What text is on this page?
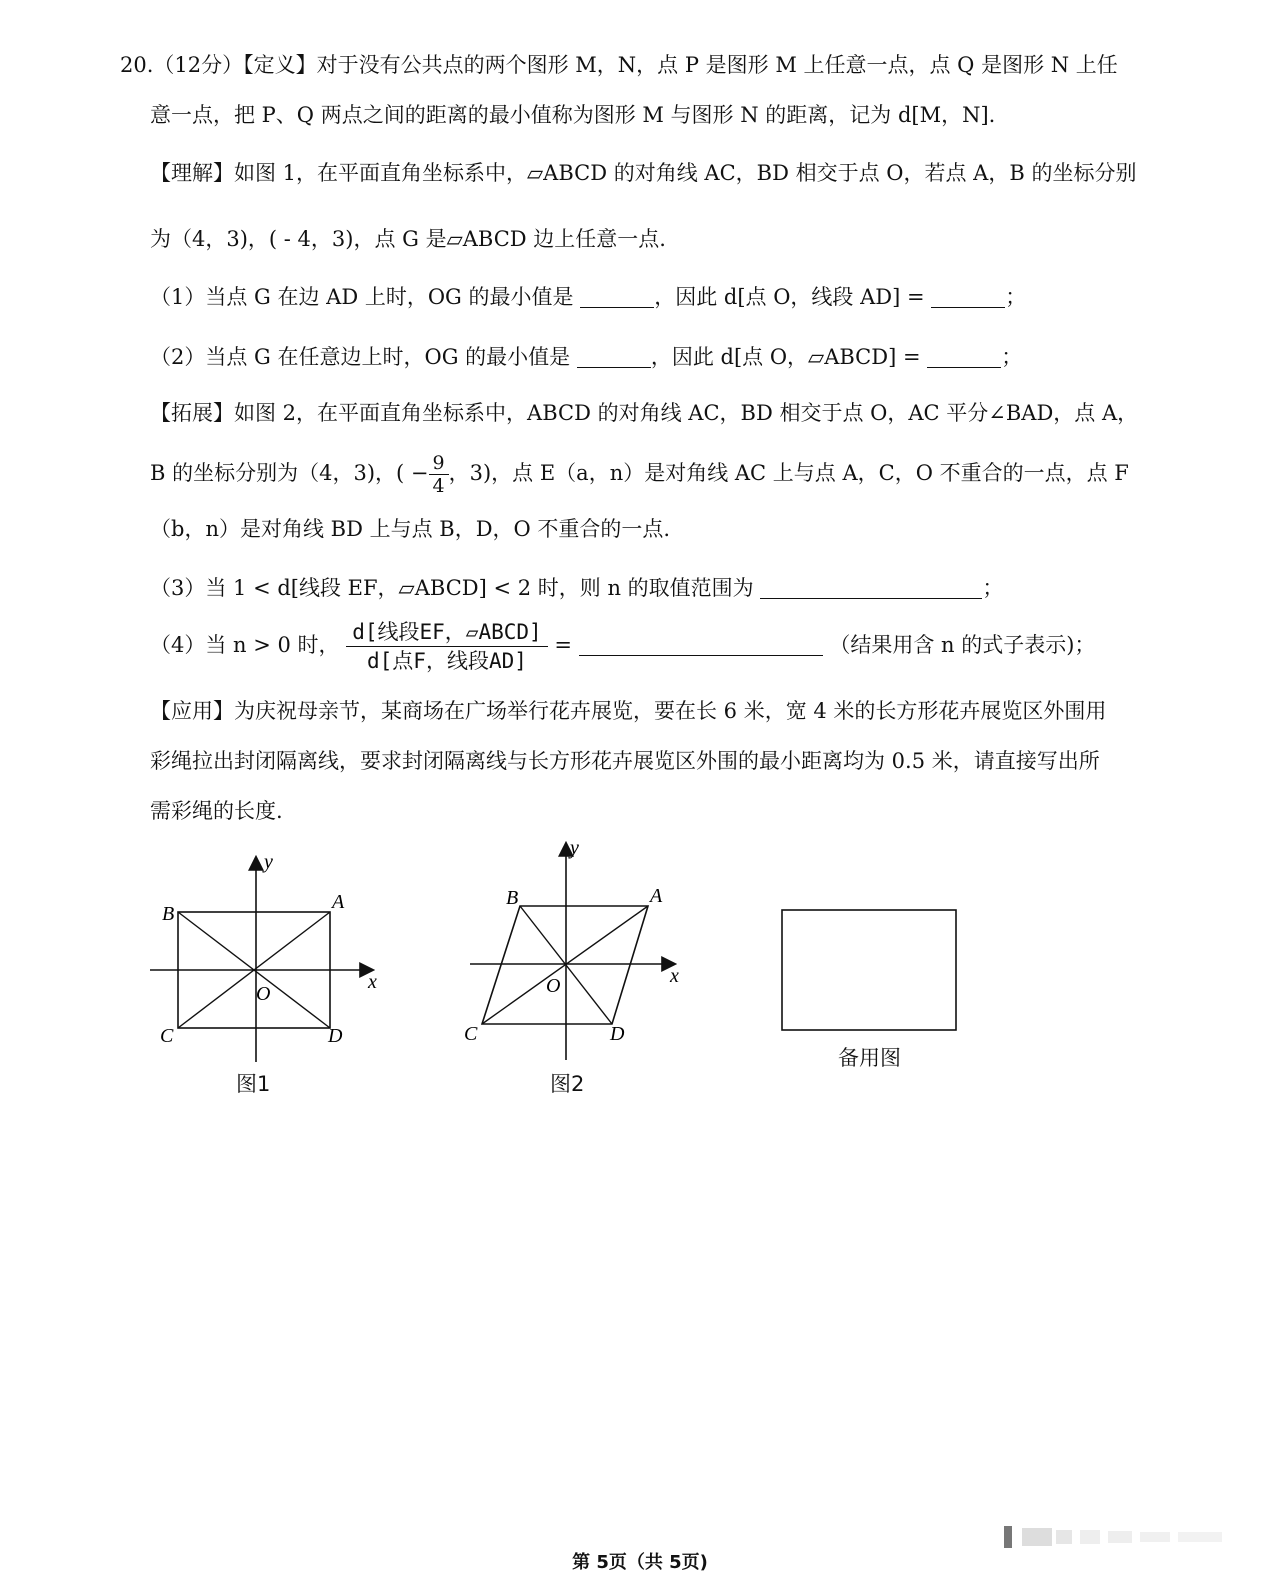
20.（12分）【定义】对于没有公共点的两个图形 M，N，点 P 是图形 M 上任意一点，点 Q 是图形 N 上任
意一点，把 P、Q 两点之间的距离的最小值称为图形 M 与图形 N 的距离，记为 d[M，N].
【理解】如图 1，在平面直角坐标系中，▱ABCD 的对角线 AC，BD 相交于点 O，若点 A，B 的坐标分别
为（4，3)，( - 4，3)，点 G 是▱ABCD 边上任意一点.
（1）当点 G 在边 AD 上时，OG 的最小值是	，因此 d[点 O，线段 AD] =	；
（2）当点 G 在任意边上时，OG 的最小值是	，因此 d[点 O，▱ABCD] =	；
【拓展】如图 2，在平面直角坐标系中，ABCD 的对角线 AC，BD 相交于点 O，AC 平分∠BAD，点 A，
B 的坐标分别为（4，3)，( − $\frac{9}{4}$ ，3)，点 E（a，n）是对角线 AC 上与点 A，C，O 不重合的一点，点 F
（b，n）是对角线 BD 上与点 B，D，O 不重合的一点.
（3）当 1 < d[线段 EF，▱ABCD] < 2 时，则 n 的取值范围为	；
（4）当 n > 0 时， $\frac{\text{d[线段EF，▱ABCD]}}{\text{d[点F，线段AD]}}$ =	（结果用含 n 的式子表示)；
【应用】为庆祝母亲节，某商场在广场举行花卉展览，要在长 6 米，宽 4 米的长方形花卉展览区外围用
彩绳拉出封闭隔离线，要求封闭隔离线与长方形花卉展览区外围的最小距离均为 0.5 米，请直接写出所
需彩绳的长度.
A
B
C	D
O
x
y
图1
A
B
C	D
O	x
y
图2
备用图
第 5页（共 5页)
